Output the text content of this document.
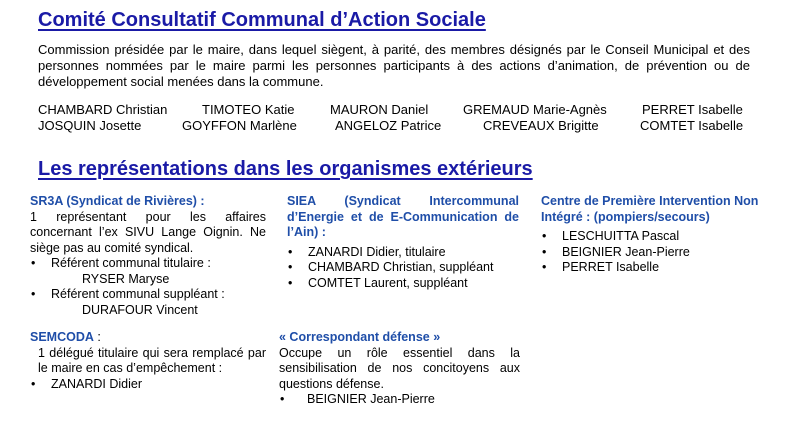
Comité Consultatif Communal d’Action Sociale
Commission présidée par le maire, dans lequel siègent, à parité, des membres désignés par le Conseil Municipal et des personnes nommées par le maire parmi les personnes participants à des actions d’animation, de prévention ou de développement social menées dans la commune.
CHAMBARD Christian	TIMOTEO Katie	MAURON Daniel	GREMAUD Marie-Agnès	PERRET Isabelle
JOSQUIN Josette	GOYFFON Marlène	ANGELOZ Patrice	CREVEAUX Brigitte	COMTET Isabelle
Les représentations dans les organismes extérieurs
SR3A (Syndicat de Rivières) :
1 représentant pour les affaires concernant l’ex SIVU Lange Oignin. Ne siège pas au comité syndical.
• Référent communal titulaire :
RYSER Maryse
• Référent communal suppléant :
DURAFOUR Vincent
SEMCODA :
1 délégué titulaire qui sera remplacé par le maire en cas d’empêchement :
• ZANARDI Didier
SIEA (Syndicat Intercommunal d’Energie et de E-Communication de l’Ain) :
• ZANARDI Didier, titulaire
• CHAMBARD Christian, suppléant
• COMTET Laurent, suppléant
« Correspondant défense »
Occupe un rôle essentiel dans la sensibilisation de nos concitoyens aux questions défense.
• BEIGNIER Jean-Pierre
Centre de Première Intervention Non Intégré : (pompiers/secours)
• LESCHUITTA Pascal
• BEIGNIER Jean-Pierre
• PERRET Isabelle
